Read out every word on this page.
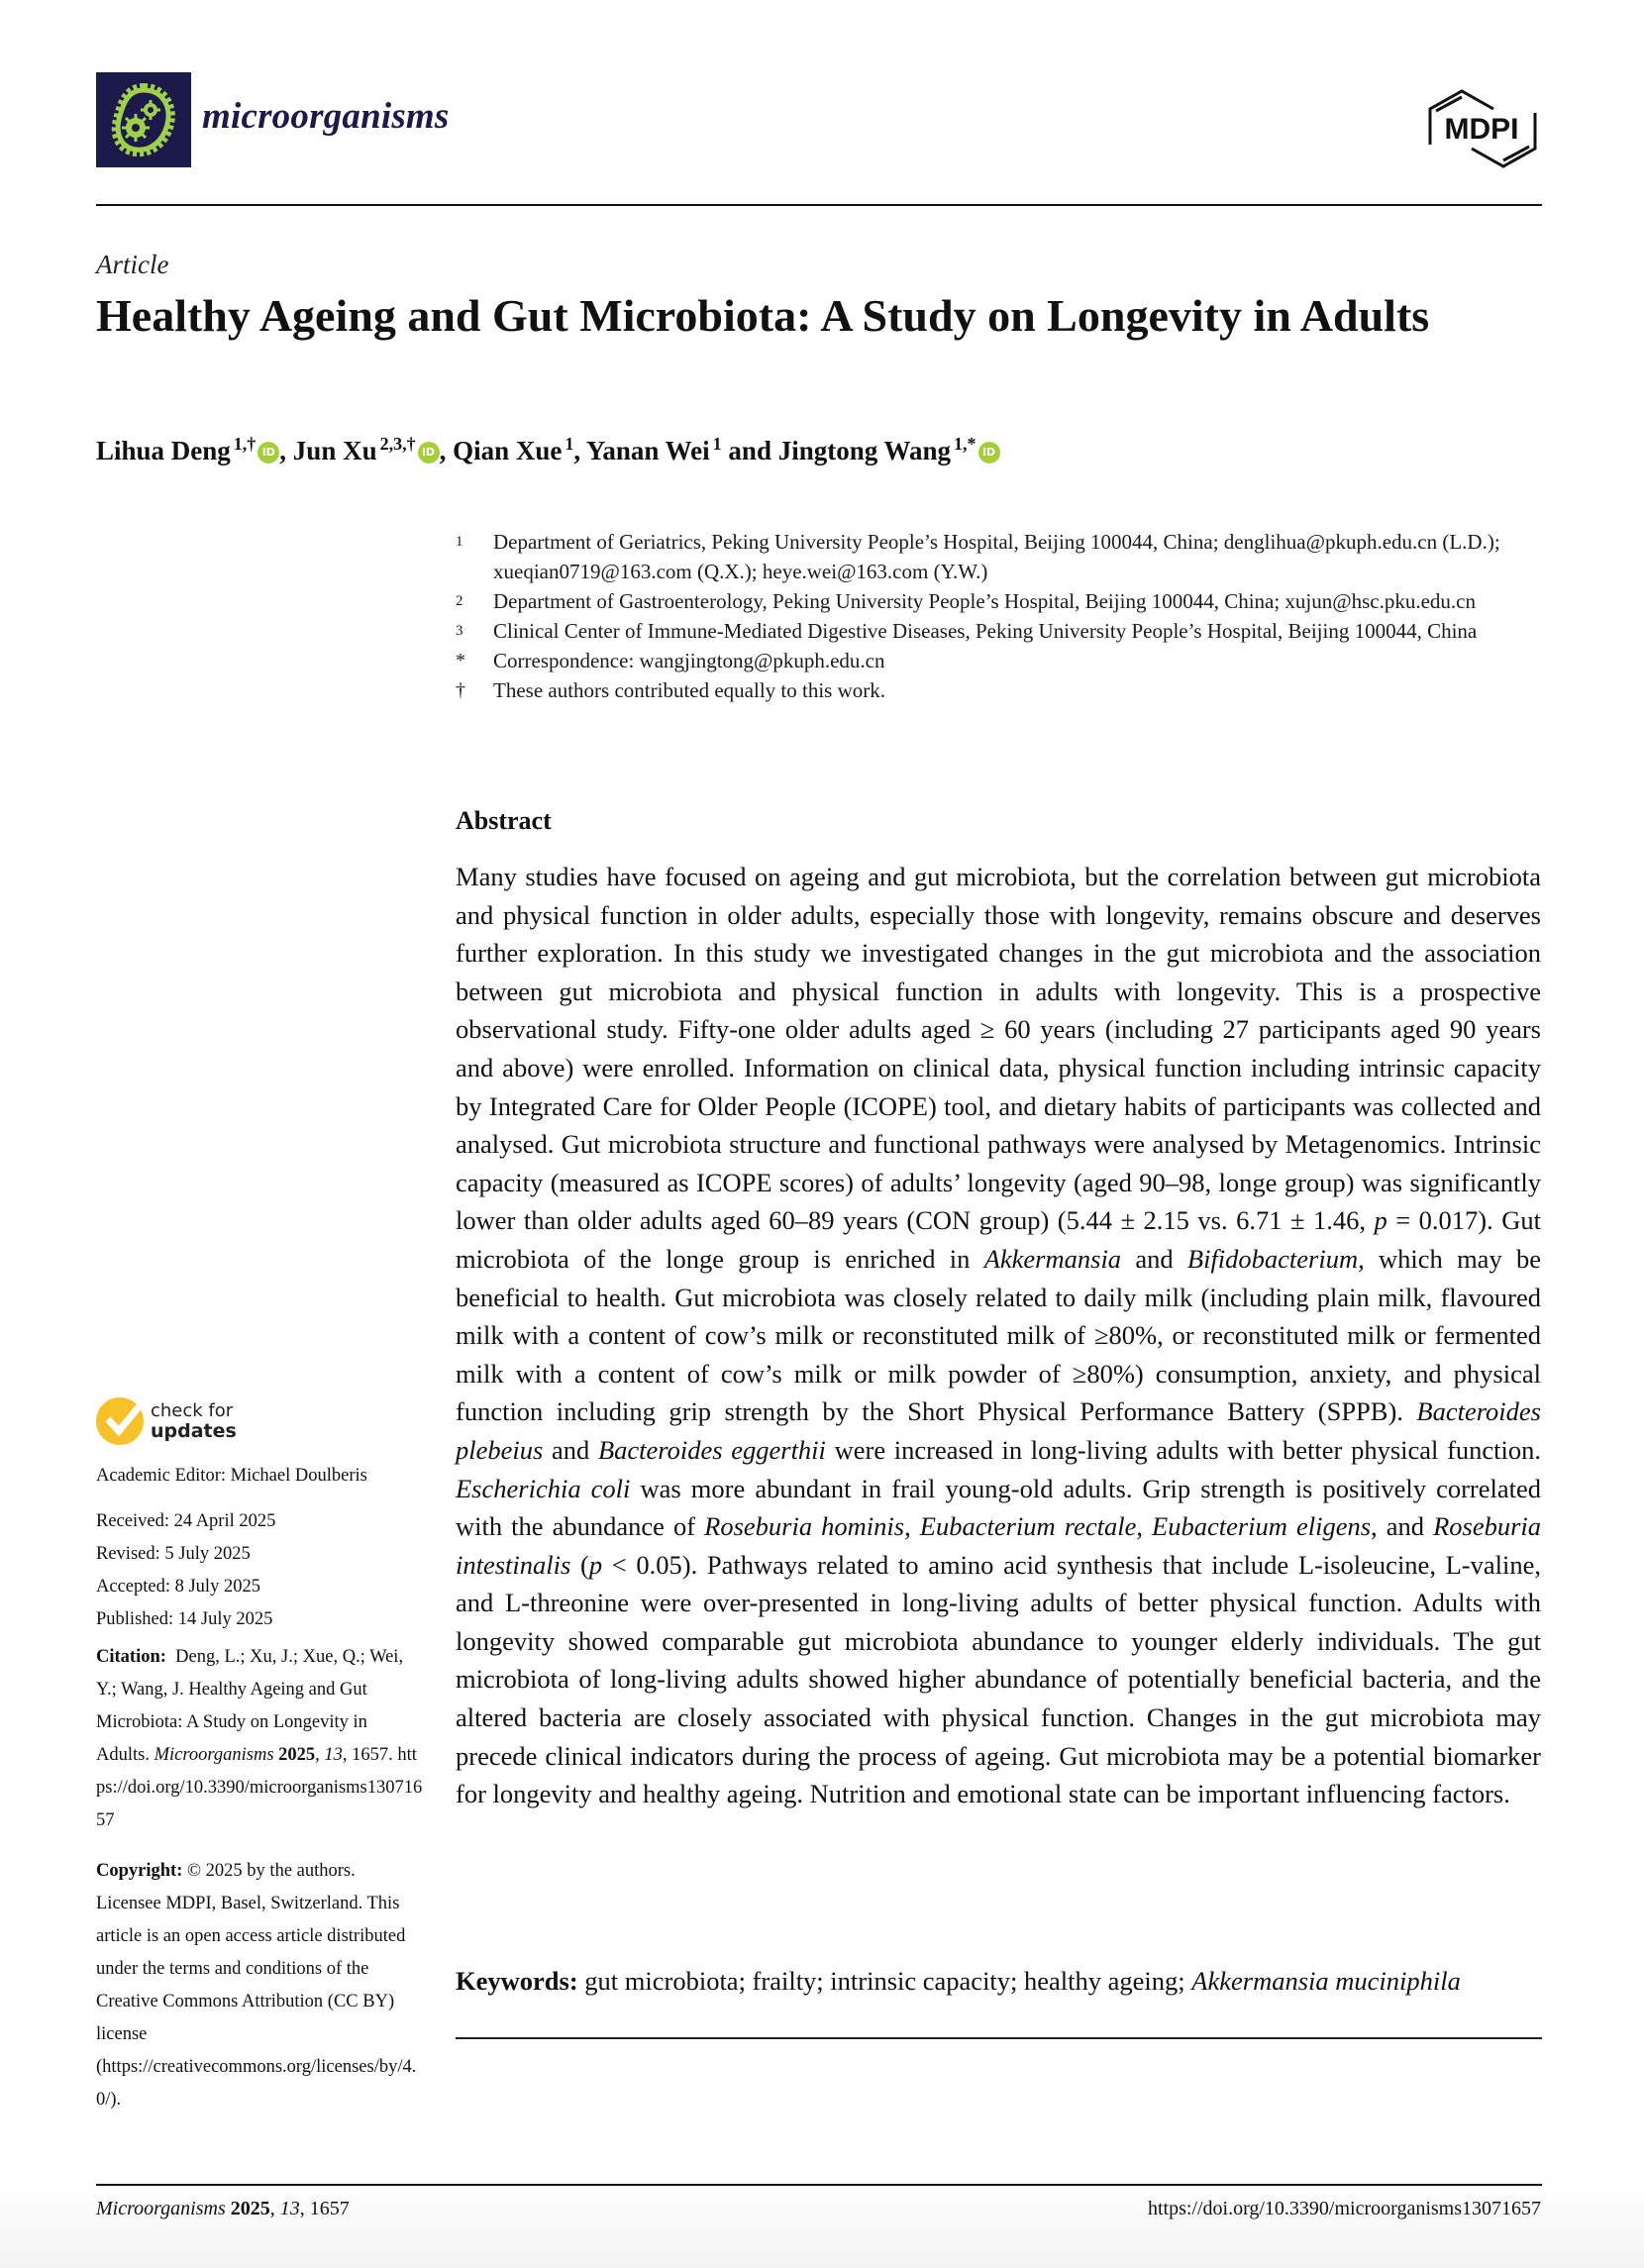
microorganisms	MDPI
Article
Healthy Ageing and Gut Microbiota: A Study on Longevity in Adults
Lihua Deng $^{1,\dagger}$ iD , Jun Xu $^{2,3,\dagger}$ iD , Qian Xue $^1$, Yanan Wei $^1$ and Jingtong Wang $^{1,*}$ iD
1	Department of Geriatrics, Peking University People’s Hospital, Beijing 100044, China; denglihua@pkuph.edu.cn (L.D.); xueqian0719@163.com (Q.X.); heye.wei@163.com (Y.W.)
2	Department of Gastroenterology, Peking University People’s Hospital, Beijing 100044, China; xujun@hsc.pku.edu.cn
3	Clinical Center of Immune-Mediated Digestive Diseases, Peking University People’s Hospital, Beijing 100044, China
*	Correspondence: wangjingtong@pkuph.edu.cn
†	These authors contributed equally to this work.
Abstract

Many studies have focused on ageing and gut microbiota, but the correlation between gut microbiota and physical function in older adults, especially those with longevity, remains obscure and deserves further exploration. In this study we investigated changes in the gut microbiota and the association between gut microbiota and physical function in adults with longevity. This is a prospective observational study. Fifty-one older adults aged ≥ 60 years (including 27 participants aged 90 years and above) were enrolled. Information on clinical data, physical function including intrinsic capacity by Integrated Care for Older People (ICOPE) tool, and dietary habits of participants was collected and analysed. Gut microbiota structure and functional pathways were analysed by Metagenomics. Intrinsic capacity (measured as ICOPE scores) of adults’ longevity (aged 90–98, longe group) was significantly lower than older adults aged 60–89 years (CON group) (5.44 ± 2.15 vs. 6.71 ± 1.46, p = 0.017). Gut microbiota of the longe group is enriched in Akkermansia and Bifidobacterium, which may be beneficial to health. Gut microbiota was closely related to daily milk (including plain milk, flavoured milk with a content of cow’s milk or reconstituted milk of ≥80%, or reconstituted milk or fermented milk with a content of cow’s milk or milk powder of ≥80%) consumption, anxiety, and physical function including grip strength by the Short Physical Performance Battery (SPPB). Bacteroides plebeius and Bacteroides eggerthii were increased in long-living adults with better physical function. Escherichia coli was more abundant in frail young-old adults. Grip strength is positively correlated with the abundance of Roseburia hominis, Eubacterium rectale, Eubacterium eligens, and Roseburia intestinalis (p < 0.05). Pathways related to amino acid synthesis that include L-isoleucine, L-valine, and L-threonine were over-presented in long-living adults of better physical function. Adults with longevity showed comparable gut microbiota abundance to younger elderly individuals. The gut microbiota of long-living adults showed higher abundance of potentially beneficial bacteria, and the altered bacteria are closely associated with physical function. Changes in the gut microbiota may precede clinical indicators during the process of ageing. Gut microbiota may be a potential biomarker for longevity and healthy ageing. Nutrition and emotional state can be important influencing factors.

Keywords: gut microbiota; frailty; intrinsic capacity; healthy ageing; Akkermansia muciniphila
check for
updates
Academic Editor: Michael Doulberis
Received: 24 April 2025
Revised: 5 July 2025
Accepted: 8 July 2025
Published: 14 July 2025
Citation: Deng, L.; Xu, J.; Xue, Q.; Wei, Y.; Wang, J. Healthy Ageing and Gut Microbiota: A Study on Longevity in Adults. Microorganisms 2025, 13, 1657. https://doi.org/10.3390/microorganisms13071657
Copyright: © 2025 by the authors. Licensee MDPI, Basel, Switzerland. This article is an open access article distributed under the terms and conditions of the Creative Commons Attribution (CC BY) license (https://creativecommons.org/licenses/by/4.0/).
Microorganisms 2025, 13, 1657	https://doi.org/10.3390/microorganisms13071657
